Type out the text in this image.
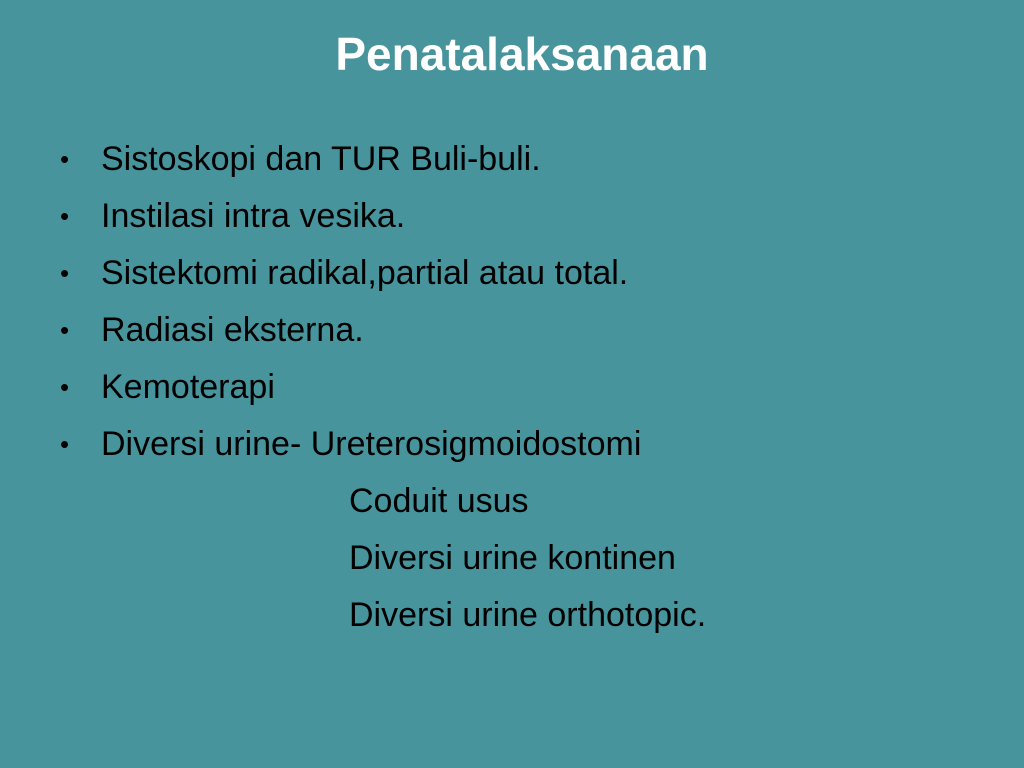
Penatalaksanaan
• Sistoskopi dan TUR Buli-buli.
• Instilasi intra vesika.
• Sistektomi radikal,partial atau total.
• Radiasi eksterna.
• Kemoterapi
• Diversi urine- Ureterosigmoidostomi
Coduit usus
Diversi urine kontinen
Diversi urine orthotopic.
